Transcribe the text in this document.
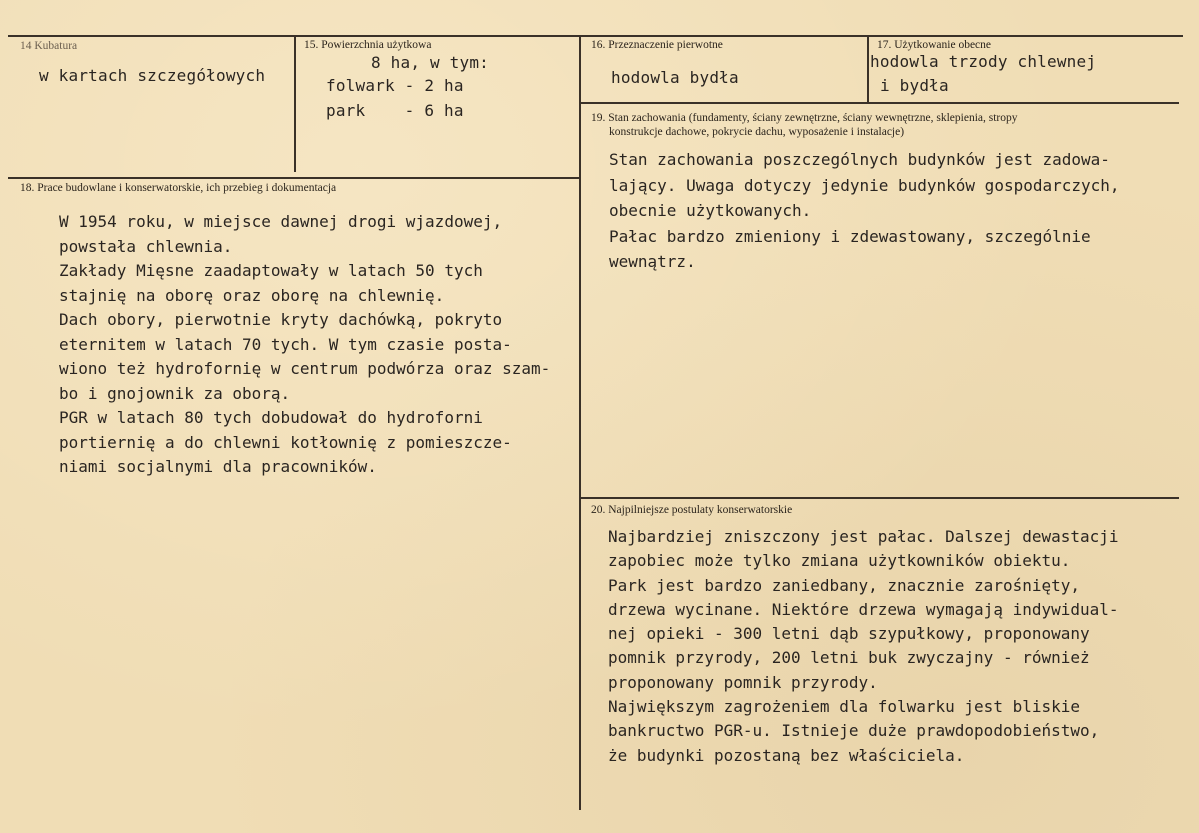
14 Kubatura
w kartach szczegółowych
15. Powierzchnia użytkowa
8 ha, w tym:
folwark - 2 ha
park    - 6 ha
16. Przeznaczenie pierwotne
hodowla bydła
17. Użytkowanie obecne
hodowla trzody chlewnej
i bydła
19. Stan zachowania (fundamenty, ściany zewnętrzne, ściany wewnętrzne, sklepienia, stropy
konstrukcje dachowe, pokrycie dachu, wyposażenie i instalacje)
Stan zachowania poszczególnych budynków jest zadowa-
lający. Uwaga dotyczy jedynie budynków gospodarczych,
obecnie użytkowanych.
Pałac bardzo zmieniony i zdewastowany, szczególnie
wewnątrz.
18. Prace budowlane i konserwatorskie, ich przebieg i dokumentacja
W 1954 roku, w miejsce dawnej drogi wjazdowej,
powstała chlewnia.
Zakłady Mięsne zaadaptowały w latach 50 tych
stajnię na oborę oraz oborę na chlewnię.
Dach obory, pierwotnie kryty dachówką, pokryto
eternitem w latach 70 tych. W tym czasie posta-
wiono też hydrofornię w centrum podwórza oraz szam-
bo i gnojownik za oborą.
PGR w latach 80 tych dobudował do hydroforni
portiernię a do chlewni kotłownię z pomieszcze-
niami socjalnymi dla pracowników.
20. Najpilniejsze postulaty konserwatorskie
Najbardziej zniszczony jest pałac. Dalszej dewastacji
zapobiec może tylko zmiana użytkowników obiektu.
Park jest bardzo zaniedbany, znacznie zarośnięty,
drzewa wycinane. Niektóre drzewa wymagają indywidual-
nej opieki - 300 letni dąb szypułkowy, proponowany
pomnik przyrody, 200 letni buk zwyczajny - również
proponowany pomnik przyrody.
Największym zagrożeniem dla folwarku jest bliskie
bankructwo PGR-u. Istnieje duże prawdopodobieństwo,
że budynki pozostaną bez właściciela.
